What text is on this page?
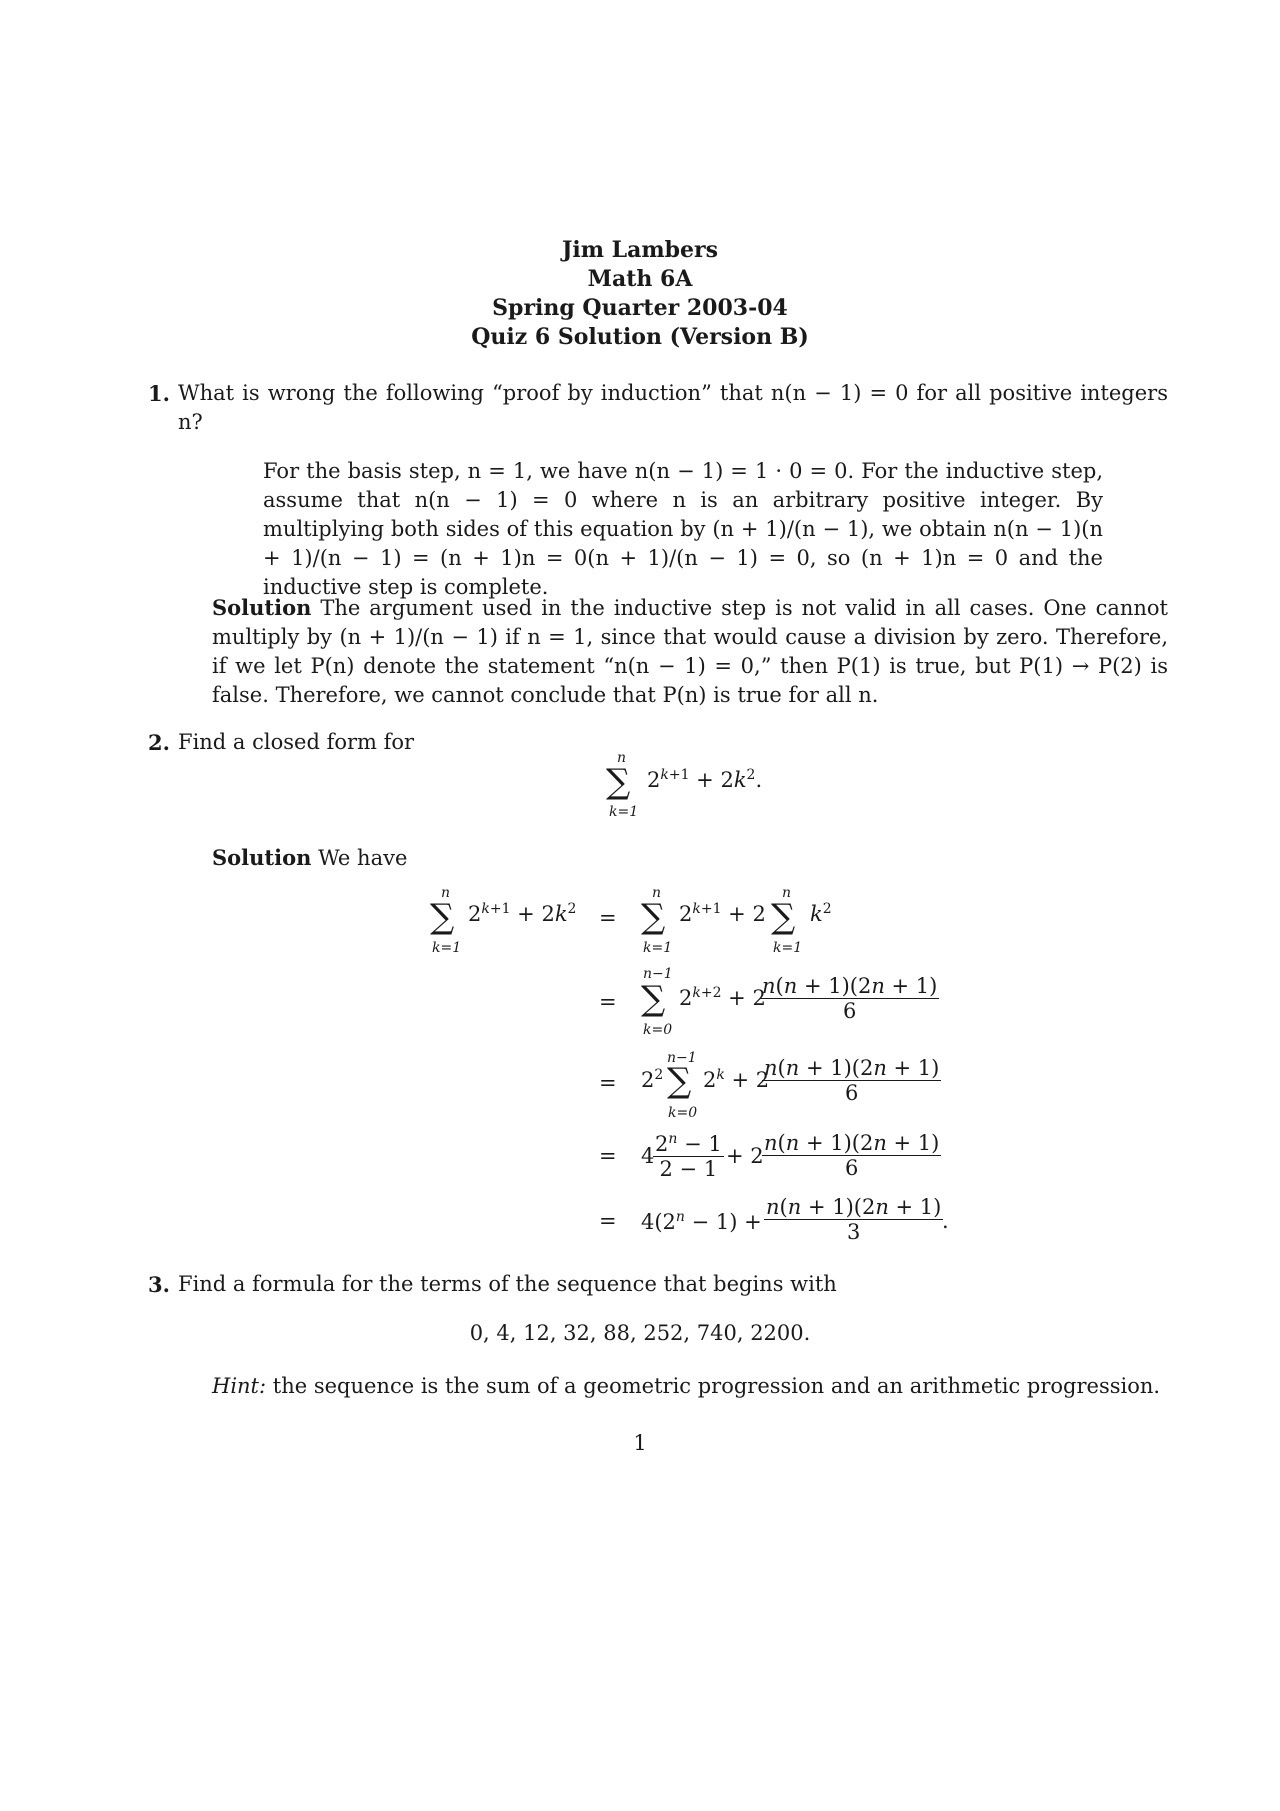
Jim Lambers
Math 6A
Spring Quarter 2003-04
Quiz 6 Solution (Version B)
1. What is wrong the following “proof by induction” that n(n − 1) = 0 for all positive integers n?
For the basis step, n = 1, we have n(n − 1) = 1 · 0 = 0. For the inductive step, assume that n(n − 1) = 0 where n is an arbitrary positive integer. By multiplying both sides of this equation by (n + 1)/(n − 1), we obtain n(n − 1)(n + 1)/(n − 1) = (n + 1)n = 0(n + 1)/(n − 1) = 0, so (n + 1)n = 0 and the inductive step is complete.
Solution The argument used in the inductive step is not valid in all cases. One cannot multiply by (n + 1)/(n − 1) if n = 1, since that would cause a division by zero. Therefore, if we let P(n) denote the statement “n(n − 1) = 0,” then P(1) is true, but P(1) → P(2) is false. Therefore, we cannot conclude that P(n) is true for all n.
2. Find a closed form for
n
∑
k=1
$2^{k+1} + 2k^2$.
Solution We have
n
∑
k=1
$2^{k+1} + 2k^2$ =
n
∑
k=1
$2^{k+1} + 2$
n
∑
k=1
$k^2$
=
n−1
∑
k=0
$2^{k+2} + 2$
$\frac{n(n + 1)(2n + 1)}{6}$
= $2^2$
n−1
∑
k=0
$2^k + 2$
$\frac{n(n + 1)(2n + 1)}{6}$
= 4
$\frac{2^n - 1}{2 - 1} + 2$
$\frac{n(n + 1)(2n + 1)}{6}$
= $4(2^n - 1) + \frac{n(n + 1)(2n + 1)}{3}$
.
3. Find a formula for the terms of the sequence that begins with
0, 4, 12, 32, 88, 252, 740, 2200.
Hint: the sequence is the sum of a geometric progression and an arithmetic progression.
1
